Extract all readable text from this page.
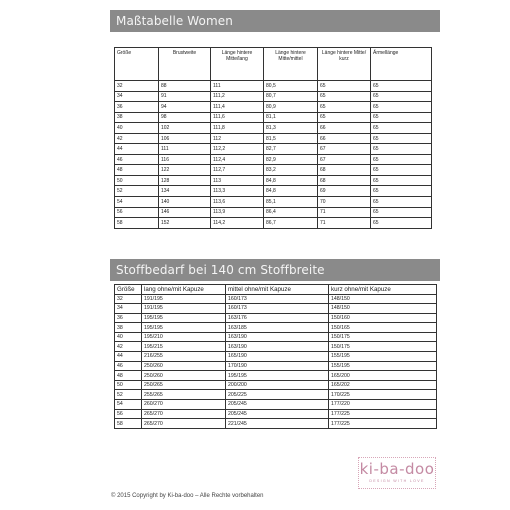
Maßtabelle Women
Größe	Brustweite	Länge hintere Mitte/lang	Länge hintere Mitte/mittel	Länge hintere Mitte/ kurz	Ärmellänge
32	88	111	80,5	65	65
34	91	111,2	80,7	65	65
36	94	111,4	80,9	65	65
38	98	111,6	81,1	65	65
40	102	111,8	81,3	66	65
42	106	112	81,5	66	65
44	111	112,2	82,7	67	65
46	116	112,4	82,9	67	65
48	122	112,7	83,2	68	65
50	128	113	84,8	68	65
52	134	113,3	84,8	69	65
54	140	113,6	85,1	70	65
56	146	113,9	86,4	71	65
58	152	114,2	86,7	71	65
Stoffbedarf bei 140 cm Stoffbreite
Größe	lang ohne/mit Kapuze	mittel ohne/mit Kapuze	kurz ohne/mit Kapuze
32	191/195	160/173	148/150
34	191/195	160/173	148/150
36	195/195	163/176	150/160
38	195/195	163/185	150/165
40	195/210	163/190	150/175
42	195/215	163/190	150/175
44	216/255	165/190	155/195
46	250/260	170/190	155/195
48	250/260	195/195	165/200
50	250/265	200/200	165/202
52	255/265	205/225	170/225
54	260/270	205/245	177/220
56	265/270	205/245	177/225
58	265/270	221/245	177/225
ki-ba-doo
DESIGN WITH LOVE
© 2015 Copyright by Ki-ba-doo – Alle Rechte vorbehalten
